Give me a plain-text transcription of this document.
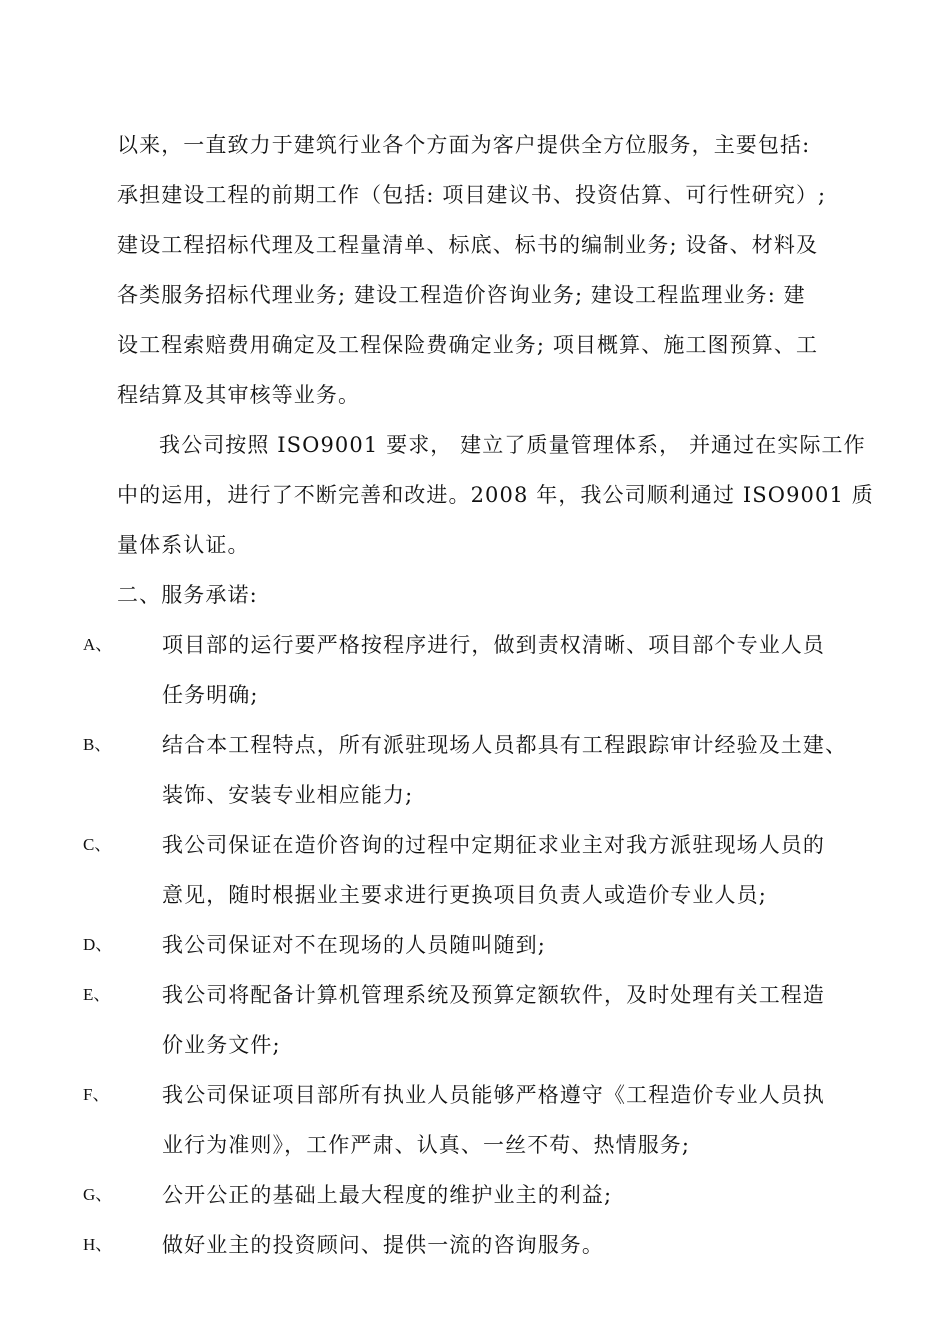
以来，一直致力于建筑行业各个方面为客户提供全方位服务，主要包括:
承担建设工程的前期工作（包括: 项目建议书、投资估算、可行性研究）;
建设工程招标代理及工程量清单、标底、标书的编制业务; 设备、材料及
各类服务招标代理业务; 建设工程造价咨询业务; 建设工程监理业务: 建
设工程索赔费用确定及工程保险费确定业务; 项目概算、施工图预算、工
程结算及其审核等业务。
我公司按照 ISO9001 要求， 建立了质量管理体系， 并通过在实际工作
中的运用，进行了不断完善和改进。2008 年，我公司顺利通过 ISO9001 质
量体系认证。
二、服务承诺:
A、 项目部的运行要严格按程序进行，做到责权清晰、项目部个专业人员
任务明确;
B、 结合本工程特点，所有派驻现场人员都具有工程跟踪审计经验及土建、
装饰、安装专业相应能力;
C、 我公司保证在造价咨询的过程中定期征求业主对我方派驻现场人员的
意见，随时根据业主要求进行更换项目负责人或造价专业人员;
D、 我公司保证对不在现场的人员随叫随到;
E、 我公司将配备计算机管理系统及预算定额软件，及时处理有关工程造
价业务文件;
F、	我公司保证项目部所有执业人员能够严格遵守《工程造价专业人员执
业行为准则》，工作严肃、认真、一丝不苟、热情服务;
G、 公开公正的基础上最大程度的维护业主的利益;
H、 做好业主的投资顾问、提供一流的咨询服务。
